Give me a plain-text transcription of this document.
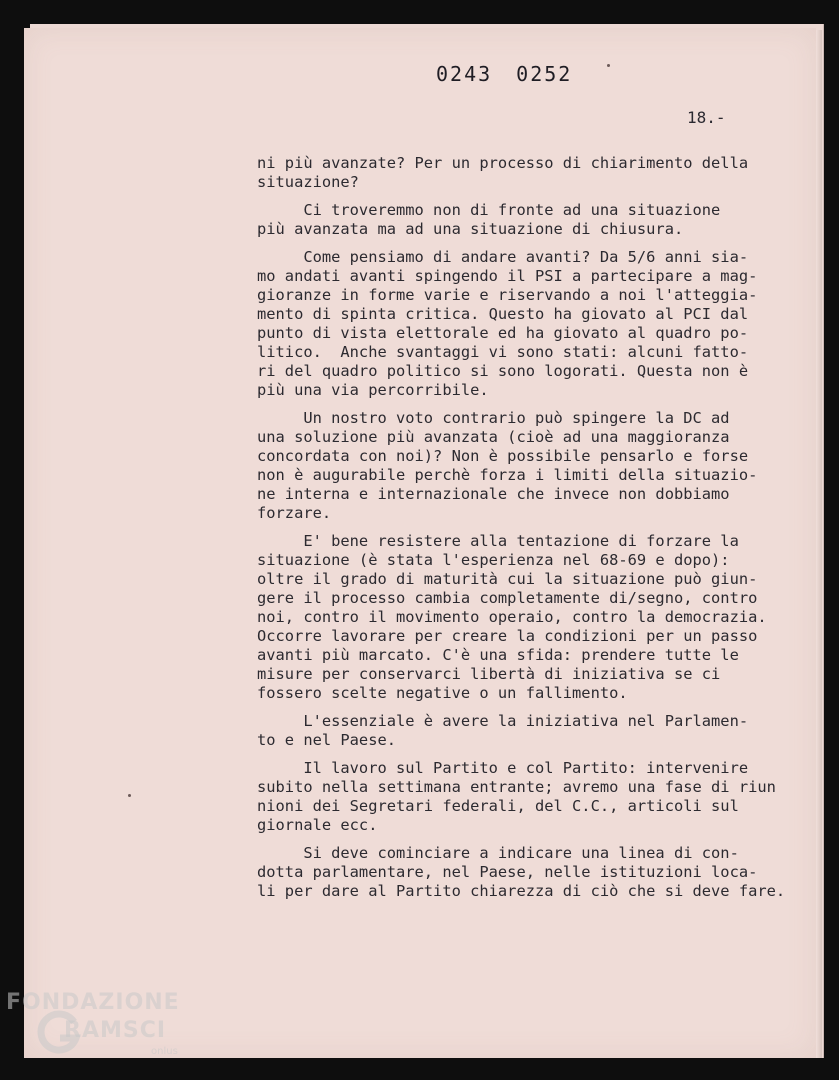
0243 0252
18.-
ni più avanzate? Per un processo di chiarimento della
situazione?
Ci troveremmo non di fronte ad una situazione
più avanzata ma ad una situazione di chiusura.
Come pensiamo di andare avanti? Da 5/6 anni sia-
mo andati avanti spingendo il PSI a partecipare a mag-
gioranze in forme varie e riservando a noi l'atteggia-
mento di spinta critica. Questo ha giovato al PCI dal
punto di vista elettorale ed ha giovato al quadro po-
litico.  Anche svantaggi vi sono stati: alcuni fatto-
ri del quadro politico si sono logorati. Questa non è
più una via percorribile.
Un nostro voto contrario può spingere la DC ad
una soluzione più avanzata (cioè ad una maggioranza
concordata con noi)? Non è possibile pensarlo e forse
non è augurabile perchè forza i limiti della situazio-
ne interna e internazionale che invece non dobbiamo
forzare.
E' bene resistere alla tentazione di forzare la
situazione (è stata l'esperienza nel 68-69 e dopo):
oltre il grado di maturità cui la situazione può giun-
gere il processo cambia completamente di/segno, contro
noi, contro il movimento operaio, contro la democrazia.
Occorre lavorare per creare la condizioni per un passo
avanti più marcato. C'è una sfida: prendere tutte le
misure per conservarci libertà di iniziativa se ci
fossero scelte negative o un fallimento.
L'essenziale è avere la iniziativa nel Parlamen-
to e nel Paese.
Il lavoro sul Partito e col Partito: intervenire
subito nella settimana entrante; avremo una fase di riun
nioni dei Segretari federali, del C.C., articoli sul
giornale ecc.
Si deve cominciare a indicare una linea di con-
dotta parlamentare, nel Paese, nelle istituzioni loca-
li per dare al Partito chiarezza di ciò che si deve fare.
FONDAZIONE
RAMSCI
onlus
